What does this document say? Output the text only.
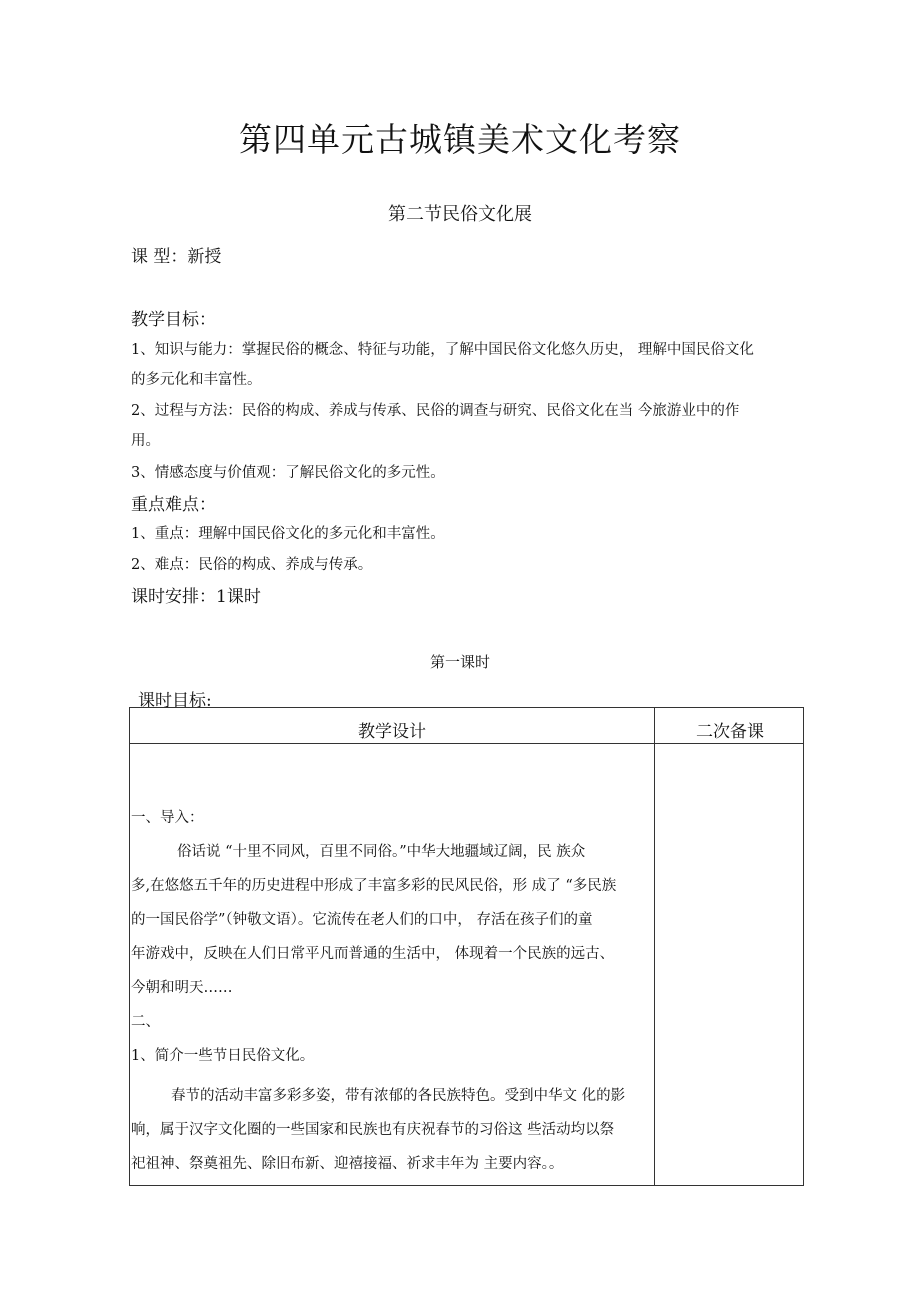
第四单元古城镇美术文化考察
第二节民俗文化展
课 型：新授
教学目标：
1、知识与能力：掌握民俗的概念、特征与功能，了解中国民俗文化悠久历史， 理解中国民俗文化
的多元化和丰富性。
2、过程与方法：民俗的构成、养成与传承、民俗的调查与研究、民俗文化在当 今旅游业中的作
用。
3、情感态度与价值观：了解民俗文化的多元性。
重点难点：
1、重点：理解中国民俗文化的多元化和丰富性。
2、难点：民俗的构成、养成与传承。
课时安排：1课时
第一课时
课时目标:
教学设计	二次备课
一、导入：
俗话说 “十里不同风，百里不同俗。”中华大地疆域辽阔，民 族众
多,在悠悠五千年的历史进程中形成了丰富多彩的民风民俗，形 成了 “多民族
的一国民俗学”（钟敬文语）。它流传在老人们的口中， 存活在孩子们的童
年游戏中，反映在人们日常平凡而普通的生活中， 体现着一个民族的远古、
今朝和明天……
二、
1、简介一些节日民俗文化。
春节的活动丰富多彩多姿，带有浓郁的各民族特色。受到中华文 化的影
响，属于汉字文化圈的一些国家和民族也有庆祝春节的习俗这 些活动均以祭
祀祖神、祭奠祖先、除旧布新、迎禧接福、祈求丰年为 主要内容。。
